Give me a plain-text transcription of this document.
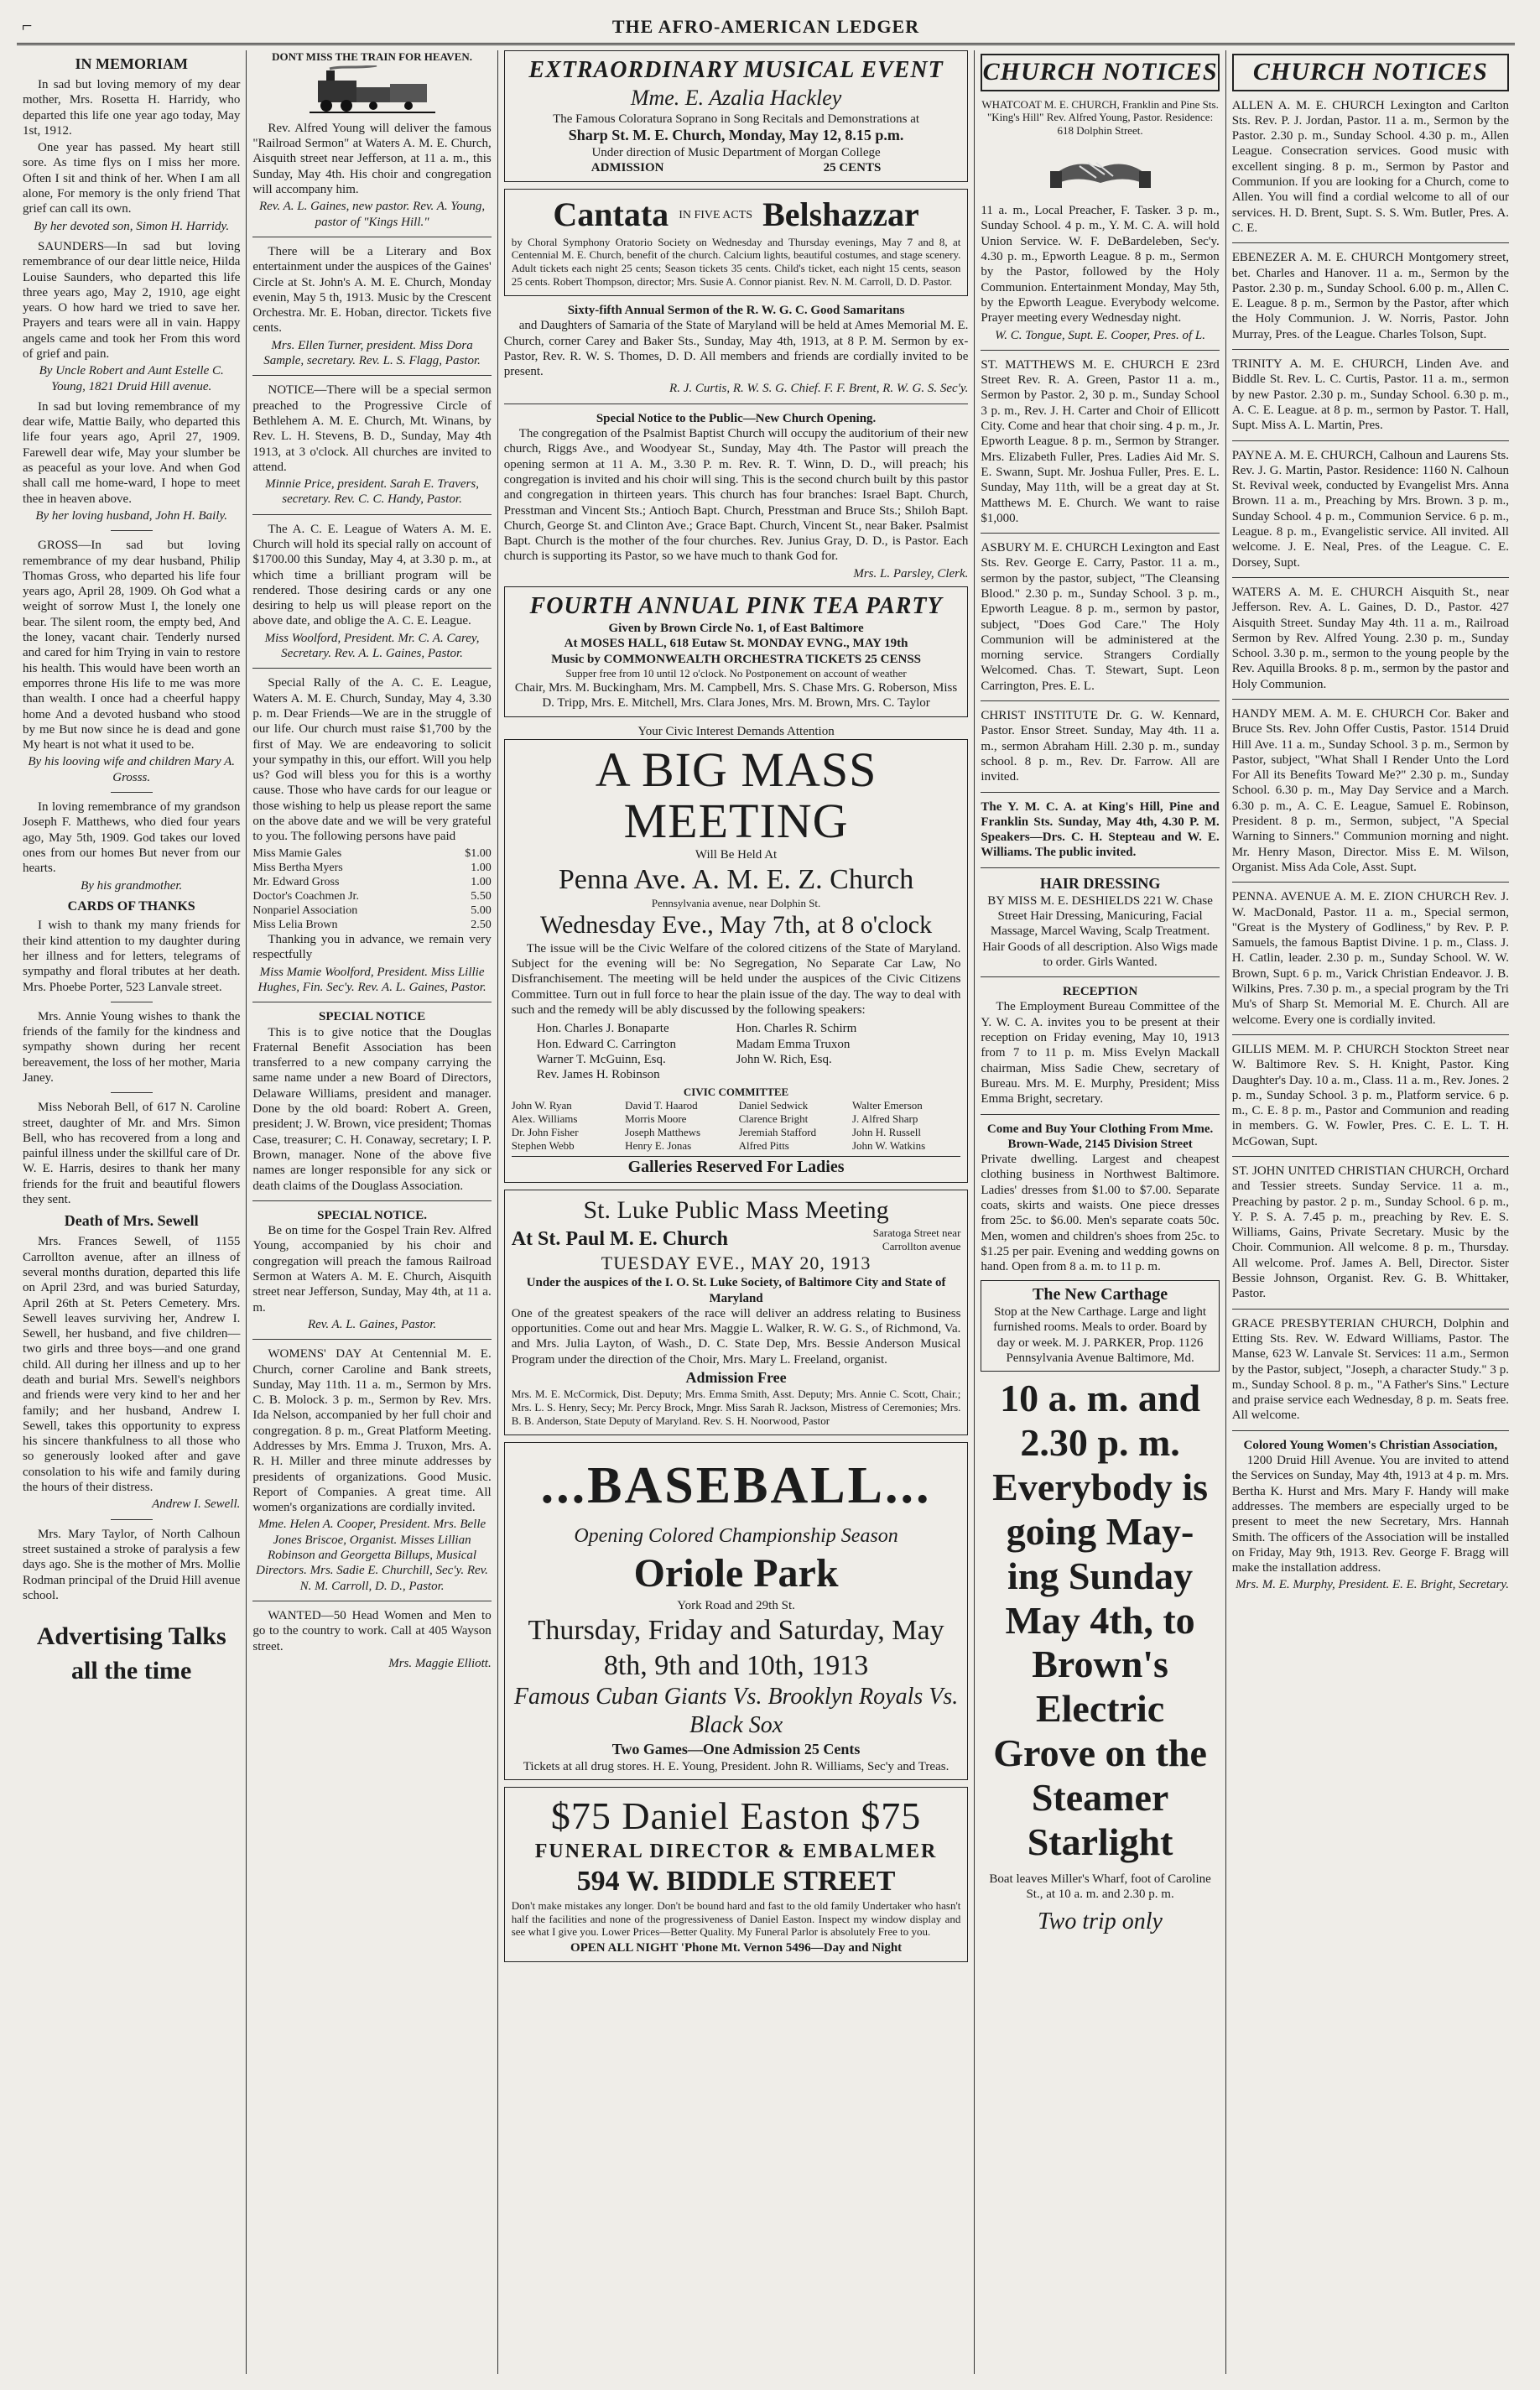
⌐	THE AFRO-AMERICAN LEDGER
IN MEMORIAM

In sad but loving memory of my dear mother, Mrs. Rosetta H. Harridy, who departed this life one year ago today, May 1st, 1912.

One year has passed. My heart still sore. As time flys on I miss her more. Often I sit and think of her. When I am all alone, For memory is the only friend That grief can call its own.

By her devoted son, Simon H. Harridy.

SAUNDERS—In sad but loving remembrance of our dear little neice, Hilda Louise Saunders, who departed this life three years ago, May 2, 1910, age eight years. O how hard we tried to save her. Prayers and tears were all in vain. Happy angels came and took her From this word of grief and pain.

By Uncle Robert and Aunt Estelle C. Young, 1821 Druid Hill avenue.

In sad but loving remembrance of my dear wife, Mattie Baily, who departed this life four years ago, April 27, 1909. Farewell dear wife, May your slumber be as peaceful as your love. And when God shall call me home-ward, I hope to meet thee in heaven above.

By her loving husband, John H. Baily.

GROSS—In sad but loving remembrance of my dear husband, Philip Thomas Gross, who departed his life four years ago, April 28, 1909. Oh God what a weight of sorrow Must I, the lonely one bear. The silent room, the empty bed, And the loney, vacant chair. Tenderly nursed and cared for him Trying in vain to restore his health. This would have been worth an emporres throne His life to me was more than wealth. I once had a cheerful happy home And a devoted husband who stood by me But now since he is dead and gone My heart is not what it used to be.

By his looving wife and children Mary A. Grosss.

In loving remembrance of my grandson Joseph F. Matthews, who died four years ago, May 5th, 1909. God takes our loved ones from our homes But never from our hearts.

By his grandmother.
CARDS OF THANKS

I wish to thank my many friends for their kind attention to my daughter during her illness and for letters, telegrams of sympathy and floral tributes at her death. Mrs. Phoebe Porter, 523 Lanvale street.

Mrs. Annie Young wishes to thank the friends of the family for the kindness and sympathy shown during her recent bereavement, the loss of her mother, Maria Janey.

Miss Neborah Bell, of 617 N. Caroline street, daughter of Mr. and Mrs. Simon Bell, who has recovered from a long and painful illness under the skillful care of Dr. W. E. Harris, desires to thank her many friends for the fruit and beautiful flowers they sent.

Death of Mrs. Sewell

Mrs. Frances Sewell, of 1155 Carrollton avenue, after an illness of several months duration, departed this life on April 23rd, and was buried Saturday, April 26th at St. Peters Cemetery. Mrs. Sewell leaves surviving her, Andrew I. Sewell, her husband, and five children—two girls and three boys—and one grand child. All during her illness and up to her death and burial Mrs. Sewell's neighbors and friends were very kind to her and her family; and her husband, Andrew I. Sewell, takes this opportunity to express his sincere thankfulness to all those who so generously looked after and gave consolation to his wife and family during the hours of their distress.

Andrew I. Sewell.

Mrs. Mary Taylor, of North Calhoun street sustained a stroke of paralysis a few days ago. She is the mother of Mrs. Mollie Rodman principal of the Druid Hill avenue school.

Advertising Talks all the time
DONT MISS THE TRAIN FOR HEAVEN.

Rev. Alfred Young will deliver the famous "Railroad Sermon" at Waters A. M. E. Church, Aisquith street near Jefferson, at 11 a. m., this Sunday, May 4th. His choir and congregation will accompany him.

Rev. A. L. Gaines, new pastor. Rev. A. Young, pastor of "Kings Hill."

There will be a Literary and Box entertainment under the auspices of the Gaines' Circle at St. John's A. M. E. Church, Monday evenin, May 5 th, 1913. Music by the Crescent Orchestra. Mr. E. Hoban, director. Tickets five cents.

Mrs. Ellen Turner, president. Miss Dora Sample, secretary. Rev. L. S. Flagg, Pastor.

NOTICE—There will be a special sermon preached to the Progressive Circle of Bethlehem A. M. E. Church, Mt. Winans, by Rev. L. H. Stevens, B. D., Sunday, May 4th 1913, at 3 o'clock. All churches are invited to attend.

Minnie Price, president. Sarah E. Travers, secretary. Rev. C. C. Handy, Pastor.

The A. C. E. League of Waters A. M. E. Church will hold its special rally on account of $1700.00 this Sunday, May 4, at 3.30 p. m., at which time a brilliant program will be rendered. Those desiring cards or any one desiring to help us will please report on the above date, and oblige the A. C. E. League.

Miss Woolford, President. Mr. C. A. Carey, Secretary. Rev. A. L. Gaines, Pastor.

Special Rally of the A. C. E. League, Waters A. M. E. Church, Sunday, May 4, 3.30 p. m. Dear Friends—We are in the struggle of our life. Our church must raise $1,700 by the first of May. We are endeavoring to solicit your sympathy in this, our effort. Will you help us? God will bless you for this is a worthy cause. Those who have cards for our league or those wishing to help us please report the same on the above date and we will be very grateful to you. The following persons have paid

Miss Mamie Gales	$1.00
Miss Bertha Myers	1.00
Mr. Edward Gross	1.00
Doctor's Coachmen Jr.	5.50
Nonpariel Association	5.00
Miss Lelia Brown	2.50

Thanking you in advance, we remain very respectfully

Miss Mamie Woolford, President. Miss Lillie Hughes, Fin. Sec'y. Rev. A. L. Gaines, Pastor.
SPECIAL NOTICE

This is to give notice that the Douglas Fraternal Benefit Association has been transferred to a new company carrying the same name under a new Board of Directors, Delaware Williams, president and manager. Done by the old board: Robert A. Green, president; J. W. Brown, vice president; Thomas Case, treasurer; C. H. Conaway, secretary; I. P. Brown, manager. None of the above five names are longer responsible for any sick or death claims of the Douglass Association.

SPECIAL NOTICE.

Be on time for the Gospel Train Rev. Alfred Young, accompanied by his choir and congregation will preach the famous Railroad Sermon at Waters A. M. E. Church, Aisquith street near Jefferson, Sunday, May 4th, at 11 a. m.

Rev. A. L. Gaines, Pastor.

WOMENS' DAY At Centennial M. E. Church, corner Caroline and Bank streets, Sunday, May 11th. 11 a. m., Sermon by Mrs. C. B. Molock. 3 p. m., Sermon by Rev. Mrs. Ida Nelson, accompanied by her full choir and congregation. 8 p. m., Great Platform Meeting. Addresses by Mrs. Emma J. Truxon, Mrs. A. R. H. Miller and three minute addresses by presidents of organizations. Good Music. Report of Companies. A great time. All women's organizations are cordially invited.

Mme. Helen A. Cooper, President. Mrs. Belle Jones Briscoe, Organist. Misses Lillian Robinson and Georgetta Billups, Musical Directors. Mrs. Sadie E. Churchill, Sec'y. Rev. N. M. Carroll, D. D., Pastor.

WANTED—50 Head Women and Men to go to the country to work. Call at 405 Wayson street.

Mrs. Maggie Elliott.
EXTRAORDINARY MUSICAL EVENT
Mme. E. Azalia Hackley
The Famous Coloratura Soprano in Song Recitals and Demonstrations at
Sharp St. M. E. Church, Monday, May 12, 8.15 p.m.
Under direction of Music Department of Morgan College
ADMISSION	25 CENTS
Cantata IN FIVE ACTS Belshazzar

by Choral Symphony Oratorio Society on Wednesday and Thursday evenings, May 7 and 8, at Centennial M. E. Church, benefit of the church. Calcium lights, beautiful costumes, and stage scenery. Adult tickets each night 25 cents; Season tickets 35 cents. Child's ticket, each night 15 cents, season 25 cents. Robert Thompson, director; Mrs. Susie A. Connor pianist. Rev. N. M. Carroll, D. D. Pastor.

Sixty-fifth Annual Sermon of the R. W. G. C. Good Samaritans

and Daughters of Samaria of the State of Maryland will be held at Ames Memorial M. E. Church, corner Carey and Baker Sts., Sunday, May 4th, 1913, at 8 P. M. Sermon by ex-Pastor, Rev. R. W. S. Thomes, D. D. All members and friends are cordially invited to be present.

R. J. Curtis, R. W. S. G. Chief. F. F. Brent, R. W. G. S. Sec'y.
Special Notice to the Public—New Church Opening.

The congregation of the Psalmist Baptist Church will occupy the auditorium of their new church, Riggs Ave., and Woodyear St., Sunday, May 4th. The Pastor will preach the opening sermon at 11 A. M., 3.30 P. m. Rev. R. T. Winn, D. D., will preach; his congregation is invited and his choir will sing. This is the second church built by this pastor and congregation in thirteen years. This church has four branches: Israel Bapt. Church, Presstman and Vincent Sts.; Antioch Bapt. Church, Presstman and Bruce Sts.; Shiloh Bapt. Church, George St. and Clinton Ave.; Grace Bapt. Church, Vincent St., near Baker. Psalmist Bapt. Church is the mother of the four churches. Rev. Junius Gray, D. D., is Pastor. Each church is supporting its Pastor, so we have much to thank God for.

Mrs. L. Parsley, Clerk.
FOURTH ANNUAL PINK TEA PARTY
Given by Brown Circle No. 1, of East Baltimore
At MOSES HALL, 618 Eutaw St. MONDAY EVNG., MAY 19th
Music by COMMONWEALTH ORCHESTRA TICKETS 25 CENSS
Supper free from 10 until 12 o'clock. No Postponement on account of weather
Chair, Mrs. M. Buckingham, Mrs. M. Campbell, Mrs. S. Chase Mrs. G. Roberson, Miss D. Tripp, Mrs. E. Mitchell, Mrs. Clara Jones, Mrs. M. Brown, Mrs. C. Taylor
Your Civic Interest Demands Attention
A BIG MASS MEETING
Will Be Held At
Penna Ave. A. M. E. Z. Church
Pennsylvania avenue, near Dolphin St.
Wednesday Eve., May 7th, at 8 o'clock

The issue will be the Civic Welfare of the colored citizens of the State of Maryland. Subject for the evening will be: No Segregation, No Separate Car Law, No Disfranchisement. The meeting will be held under the auspices of the Civic Citizens Committee. Turn out in full force to hear the plain issue of the day. The way to deal with such and the remedy will be ably discussed by the following speakers:

Hon. Charles J. Bonaparte	Hon. Charles R. Schirm
Hon. Edward C. Carrington	Madam Emma Truxon
Warner T. McGuinn, Esq.	John W. Rich, Esq.
Rev. James H. Robinson
CIVIC COMMITTEE
John W. Ryan	David T. Haarod	Daniel Sedwick	Walter Emerson
Alex. Williams	Morris Moore	Clarence Bright	J. Alfred Sharp
Dr. John Fisher	Joseph Matthews	Jeremiah Stafford	John H. Russell
Stephen Webb	Henry E. Jonas	Alfred Pitts	John W. Watkins
Galleries Reserved For Ladies
St. Luke Public Mass Meeting
At St. Paul M. E. Church	Saratoga Street near Carrollton avenue
TUESDAY EVE., MAY 20, 1913
Under the auspices of the I. O. St. Luke Society, of Baltimore City and State of Maryland

One of the greatest speakers of the race will deliver an address relating to Business opportunities. Come out and hear Mrs. Maggie L. Walker, R. W. G. S., of Richmond, Va. and Mrs. Julia Layton, of Wash., D. C. State Dep, Mrs. Bessie Anderson Musical Program under the direction of the Choir, Mrs. Mary L. Freeland, organist.

Admission Free

Mrs. M. E. McCormick, Dist. Deputy; Mrs. Emma Smith, Asst. Deputy; Mrs. Annie C. Scott, Chair.; Mrs. L. S. Henry, Secy; Mr. Percy Brock, Mngr. Miss Sarah R. Jackson, Mistress of Ceremonies; Mrs. B. B. Anderson, State Deputy of Maryland. Rev. S. H. Noorwood, Pastor

...BASEBALL...
Opening Colored Championship Season
Oriole Park
York Road and 29th St.
Thursday, Friday and Saturday, May 8th, 9th and 10th, 1913
Famous Cuban Giants Vs. Brooklyn Royals Vs. Black Sox
Two Games—One Admission 25 Cents
Tickets at all drug stores. H. E. Young, President. John R. Williams, Sec'y and Treas.
$75 Daniel Easton $75
FUNERAL DIRECTOR & EMBALMER
594 W. BIDDLE STREET

Don't make mistakes any longer. Don't be bound hard and fast to the old family Undertaker who hasn't half the facilities and none of the progressiveness of Daniel Easton. Inspect my window display and see what I give you. Lower Prices—Better Quality. My Funeral Parlor is absolutely Free to you.

OPEN ALL NIGHT 'Phone Mt. Vernon 5496—Day and Night
CHURCH NOTICES

WHATCOAT M. E. CHURCH, Franklin and Pine Sts. "King's Hill" Rev. Alfred Young, Pastor. Residence: 618 Dolphin Street.

11 a. m., Local Preacher, F. Tasker. 3 p. m., Sunday School. 4 p. m., Y. M. C. A. will hold Union Service. W. F. DeBardeleben, Sec'y. 4.30 p. m., Epworth League. 8 p. m., Sermon by the Pastor, followed by the Holy Communion. Entertainment Monday, May 5th, by the Epworth League. Everybody welcome. Prayer meeting every Wednesday night.

W. C. Tongue, Supt. E. Cooper, Pres. of L.

ST. MATTHEWS M. E. CHURCH E 23rd Street Rev. R. A. Green, Pastor 11 a. m., Sermon by Pastor. 2, 30 p. m., Sunday School 3 p. m., Rev. J. H. Carter and Choir of Ellicott City. Come and hear that choir sing. 4 p. m., Jr. Epworth League. 8 p. m., Sermon by Stranger. Mrs. Elizabeth Fuller, Pres. Ladies Aid Mr. S. E. Swann, Supt. Mr. Joshua Fuller, Pres. E. L. Sunday, May 11th, will be a great day at St. Matthews M. E. Church. We want to raise $1,000.

ASBURY M. E. CHURCH Lexington and East Sts. Rev. George E. Carry, Pastor. 11 a. m., sermon by the pastor, subject, "The Cleansing Blood." 2.30 p. m., Sunday School. 3 p. m., Epworth League. 8 p. m., sermon by pastor, subject, "Does God Care." The Holy Communion will be administered at the morning service. Strangers Cordially Welcomed. Chas. T. Stewart, Supt. Leon Carrington, Pres. E. L.

CHRIST INSTITUTE Dr. G. W. Kennard, Pastor. Ensor Street. Sunday, May 4th. 11 a. m., sermon Abraham Hill. 2.30 p. m., sunday school. 8 p. m., Rev. Dr. Farrow. All are invited.

The Y. M. C. A. at King's Hill, Pine and Franklin Sts. Sunday, May 4th, 4.30 P. M. Speakers—Drs. C. H. Stepteau and W. E. Williams. The public invited.

HAIR DRESSING

BY MISS M. E. DESHIELDS 221 W. Chase Street Hair Dressing, Manicuring, Facial Massage, Marcel Waving, Scalp Treatment. Hair Goods of all description. Also Wigs made to order. Girls Wanted.

RECEPTION

The Employment Bureau Committee of the Y. W. C. A. invites you to be present at their reception on Friday evening, May 10, 1913 from 7 to 11 p. m. Miss Evelyn Mackall chairman, Miss Sadie Chew, secretary of Bureau. Mrs. M. E. Murphy, President; Miss Emma Bright, secretary.

Come and Buy Your Clothing From Mme. Brown-Wade, 2145 Division Street

Private dwelling. Largest and cheapest clothing business in Northwest Baltimore. Ladies' dresses from $1.00 to $7.00. Separate coats, skirts and waists. One piece dresses from 25c. to $6.00. Men's separate coats 50c. Men, women and children's shoes from 25c. to $1.25 per pair. Evening and wedding gowns on hand. Open from 8 a. m. to 11 p. m.

The New Carthage

Stop at the New Carthage. Large and light furnished rooms. Meals to order. Board by day or week. M. J. PARKER, Prop. 1126 Pennsylvania Avenue Baltimore, Md.

10 a. m. and 2.30 p. m. Everybody is going May-ing Sunday May 4th, to Brown's Electric Grove on the Steamer Starlight

Boat leaves Miller's Wharf, foot of Caroline St., at 10 a. m. and 2.30 p. m.

Two trip only
CHURCH NOTICES

ALLEN A. M. E. CHURCH Lexington and Carlton Sts. Rev. P. J. Jordan, Pastor. 11 a. m., Sermon by the Pastor. 2.30 p. m., Sunday School. 4.30 p. m., Allen League. Consecration services. Good music with excellent singing. 8 p. m., Sermon by Pastor and Communion. If you are looking for a Church, come to Allen. You will find a cordial welcome to all of our services. H. D. Brent, Supt. S. S. Wm. Butler, Pres. A. C. E.

EBENEZER A. M. E. CHURCH Montgomery street, bet. Charles and Hanover. 11 a. m., Sermon by the Pastor. 2.30 p. m., Sunday School. 6.00 p. m., Allen C. E. League. 8 p. m., Sermon by the Pastor, after which the Holy Communion. J. W. Norris, Pastor. John Murray, Pres. of the League. Charles Tolson, Supt.

TRINITY A. M. E. CHURCH, Linden Ave. and Biddle St. Rev. L. C. Curtis, Pastor. 11 a. m., sermon by new Pastor. 2.30 p. m., Sunday School. 6.30 p. m., A. C. E. League. at 8 p. m., sermon by Pastor. T. Hall, Supt. Miss A. L. Martin, Pres.

PAYNE A. M. E. CHURCH, Calhoun and Laurens Sts. Rev. J. G. Martin, Pastor. Residence: 1160 N. Calhoun St. Revival week, conducted by Evangelist Mrs. Anna Brown. 11 a. m., Preaching by Mrs. Brown. 3 p. m., Sunday School. 4 p. m., Communion Service. 6 p. m., League. 8 p. m., Evangelistic service. All invited. All welcome. J. E. Neal, Pres. of the League. C. E. Dorsey, Supt.

WATERS A. M. E. CHURCH Aisquith St., near Jefferson. Rev. A. L. Gaines, D. D., Pastor. 427 Aisquith Street. Sunday May 4th. 11 a. m., Railroad Sermon by Rev. Alfred Young. 2.30 p. m., Sunday School. 3.30 p. m., sermon to the young people by the Rev. Aquilla Brooks. 8 p. m., sermon by the pastor and Holy Communion.

HANDY MEM. A. M. E. CHURCH Cor. Baker and Bruce Sts. Rev. John Offer Custis, Pastor. 1514 Druid Hill Ave. 11 a. m., Sunday School. 3 p. m., Sermon by Pastor, subject, "What Shall I Render Unto the Lord For All its Benefits Toward Me?" 2.30 p. m., Sunday School. 6.30 p. m., May Day Service and a March. 6.30 p. m., A. C. E. League, Samuel E. Robinson, President. 8 p. m., Sermon, subject, "A Special Warning to Sinners." Communion morning and night. Mr. Henry Mason, Director. Miss E. M. Wilson, Organist. Miss Ada Cole, Asst. Supt.

PENNA. AVENUE A. M. E. ZION CHURCH Rev. J. W. MacDonald, Pastor. 11 a. m., Special sermon, "Great is the Mystery of Godliness," by Rev. P. P. Samuels, the famous Baptist Divine. 1 p. m., Class. J. H. Catlin, leader. 2.30 p. m., Sunday School. W. W. Brown, Supt. 6 p. m., Varick Christian Endeavor. J. B. Wilkins, Pres. 7.30 p. m., a special program by the Tri Mu's of Sharp St. Memorial M. E. Church. All are welcome. Every one is cordially invited.

GILLIS MEM. M. P. CHURCH Stockton Street near W. Baltimore Rev. S. H. Knight, Pastor. King Daughter's Day. 10 a. m., Class. 11 a. m., Rev. Jones. 2 p. m., Sunday School. 3 p. m., Platform service. 6 p. m., C. E. 8 p. m., Pastor and Communion and reading in members. G. W. Fowler, Pres. C. E. L. T. H. McGowan, Supt.

ST. JOHN UNITED CHRISTIAN CHURCH, Orchard and Tessier streets. Sunday Service. 11 a. m., Preaching by pastor. 2 p. m., Sunday School. 6 p. m., Y. P. S. A. 7.45 p. m., preaching by Rev. E. S. Williams, Gains, Private Secretary. Music by the Choir. Communion. All welcome. 8 p. m., Thursday. All welcome. Prof. James A. Bell, Director. Sister Bessie Johnson, Organist. Rev. G. B. Whittaker, Pastor.

GRACE PRESBYTERIAN CHURCH, Dolphin and Etting Sts. Rev. W. Edward Williams, Pastor. The Manse, 623 W. Lanvale St. Services: 11 a.m., Sermon by the Pastor, subject, "Joseph, a character Study." 3 p. m., Sunday School. 8 p. m., "A Father's Sins." Lecture and praise service each Wednesday, 8 p. m. Seats free. All welcome.

Colored Young Women's Christian Association,

1200 Druid Hill Avenue. You are invited to attend the Services on Sunday, May 4th, 1913 at 4 p. m. Mrs. Bertha K. Hurst and Mrs. Mary F. Handy will make addresses. The members are especially urged to be present to meet the new Secretary, Mrs. Hannah Smith. The officers of the Association will be installed on Friday, May 9th, 1913. Rev. George F. Bragg will make the installation address.

Mrs. M. E. Murphy, President. E. E. Bright, Secretary.
